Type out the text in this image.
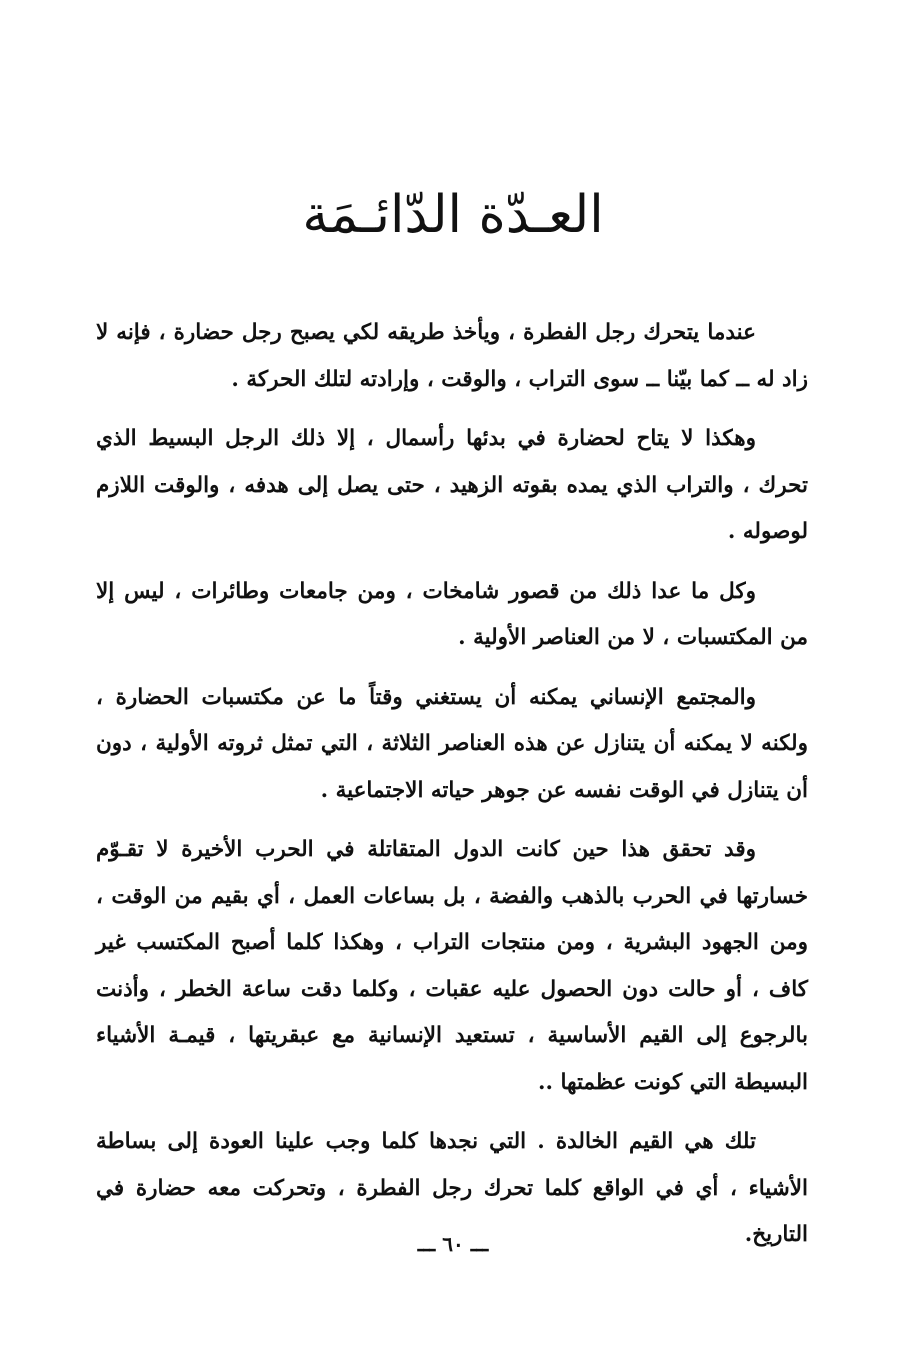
العـدّة الدّائـمَة

عندما يتحرك رجل الفطرة ، ويأخذ طريقه لكي يصبح رجل حضارة ، فإنه لا زاد له ــ كما بيّنا ــ سوى التراب ، والوقت ، وإرادته لتلك الحركة .

وهكذا لا يتاح لحضارة في بدئها رأسمال ، إلا ذلك الرجل البسيط الذي تحرك ، والتراب الذي يمده بقوته الزهيد ، حتى يصل إلى هدفه ، والوقت اللازم لوصوله .

وكل ما عدا ذلك من قصور شامخات ، ومن جامعات وطائرات ، ليس إلا من المكتسبات ، لا من العناصر الأولية .

والمجتمع الإنساني يمكنه أن يستغني وقتاً ما عن مكتسبات الحضارة ، ولكنه لا يمكنه أن يتنازل عن هذه العناصر الثلاثة ، التي تمثل ثروته الأولية ، دون أن يتنازل في الوقت نفسه عن جوهر حياته الاجتماعية .

وقد تحقق هذا حين كانت الدول المتقاتلة في الحرب الأخيرة لا تقـوّم خسارتها في الحرب بالذهب والفضة ، بل بساعات العمل ، أي بقيم من الوقت ، ومن الجهود البشرية ، ومن منتجات التراب ، وهكذا كلما أصبح المكتسب غير كاف ، أو حالت دون الحصول عليه عقبات ، وكلما دقت ساعة الخطر ، وأذنت بالرجوع إلى القيم الأساسية ، تستعيد الإنسانية مع عبقريتها ، قيمـة الأشياء البسيطة التي كونت عظمتها ..

تلك هي القيم الخالدة . التي نجدها كلما وجب علينا العودة إلى بساطة الأشياء ، أي في الواقع كلما تحرك رجل الفطرة ، وتحركت معه حضارة في التاريخ.

ـــ ٦٠ ـــ
